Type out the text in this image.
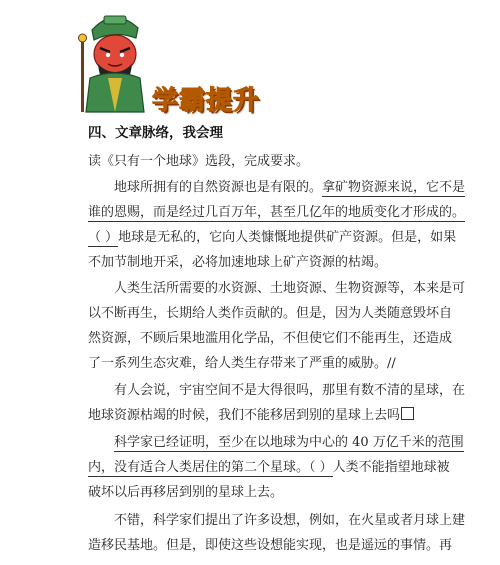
学霸提升
四、文章脉络，我会理
读《只有一个地球》选段，完成要求。
地球所拥有的自然资源也是有限的。拿矿物资源来说，它不是
谁的恩赐，而是经过几百万年，甚至几亿年的地质变化才形成的。
（ ）地球是无私的，它向人类慷慨地提供矿产资源。但是，如果
不加节制地开采，必将加速地球上矿产资源的枯竭。
人类生活所需要的水资源、土地资源、生物资源等，本来是可
以不断再生，长期给人类作贡献的。但是，因为人类随意毁坏自
然资源，不顾后果地滥用化学品，不但使它们不能再生，还造成
了一系列生态灾难，给人类生存带来了严重的威胁。//
有人会说，宇宙空间不是大得很吗，那里有数不清的星球，在
地球资源枯竭的时候，我们不能移居到别的星球上去吗
科学家已经证明，至少在以地球为中心的 40 万亿千米的范围
内，没有适合人类居住的第二个星球。（ ）人类不能指望地球被
破坏以后再移居到别的星球上去。
不错，科学家们提出了许多设想，例如，在火星或者月球上建
造移民基地。但是，即使这些设想能实现，也是遥远的事情。再
